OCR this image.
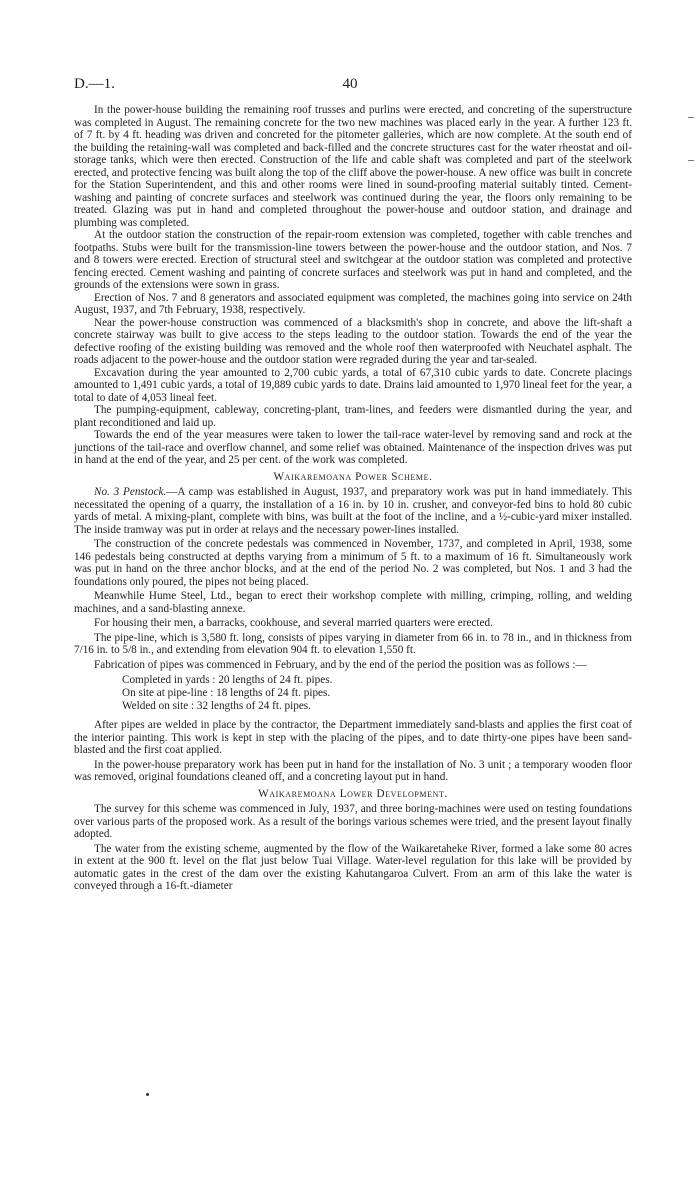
D.—1.	40

In the power-house building the remaining roof trusses and purlins were erected, and concreting of the superstructure was completed in August. The remaining concrete for the two new machines was placed early in the year. A further 123 ft. of 7 ft. by 4 ft. heading was driven and concreted for the pitometer galleries, which are now complete. At the south end of the building the retaining-wall was completed and back-filled and the concrete structures cast for the water rheostat and oil-storage tanks, which were then erected. Construction of the life and cable shaft was completed and part of the steelwork erected, and protective fencing was built along the top of the cliff above the power-house. A new office was built in concrete for the Station Superintendent, and this and other rooms were lined in sound-proofing material suitably tinted. Cement-washing and painting of concrete surfaces and steelwork was continued during the year, the floors only remaining to be treated. Glazing was put in hand and completed throughout the power-house and outdoor station, and drainage and plumbing was completed.

At the outdoor station the construction of the repair-room extension was completed, together with cable trenches and footpaths. Stubs were built for the transmission-line towers between the power-house and the outdoor station, and Nos. 7 and 8 towers were erected. Erection of structural steel and switchgear at the outdoor station was completed and protective fencing erected. Cement washing and painting of concrete surfaces and steelwork was put in hand and completed, and the grounds of the extensions were sown in grass.

Erection of Nos. 7 and 8 generators and associated equipment was completed, the machines going into service on 24th August, 1937, and 7th February, 1938, respectively.

Near the power-house construction was commenced of a blacksmith's shop in concrete, and above the lift-shaft a concrete stairway was built to give access to the steps leading to the outdoor station. Towards the end of the year the defective roofing of the existing building was removed and the whole roof then waterproofed with Neuchatel asphalt. The roads adjacent to the power-house and the outdoor station were regraded during the year and tar-sealed.

Excavation during the year amounted to 2,700 cubic yards, a total of 67,310 cubic yards to date. Concrete placings amounted to 1,491 cubic yards, a total of 19,889 cubic yards to date. Drains laid amounted to 1,970 lineal feet for the year, a total to date of 4,053 lineal feet.

The pumping-equipment, cableway, concreting-plant, tram-lines, and feeders were dismantled during the year, and plant reconditioned and laid up.

Towards the end of the year measures were taken to lower the tail-race water-level by removing sand and rock at the junctions of the tail-race and overflow channel, and some relief was obtained. Maintenance of the inspection drives was put in hand at the end of the year, and 25 per cent. of the work was completed.

Waikaremoana Power Scheme.

No. 3 Penstock.—A camp was established in August, 1937, and preparatory work was put in hand immediately. This necessitated the opening of a quarry, the installation of a 16 in. by 10 in. crusher, and conveyor-fed bins to hold 80 cubic yards of metal. A mixing-plant, complete with bins, was built at the foot of the incline, and a ½-cubic-yard mixer installed. The inside tramway was put in order at relays and the necessary power-lines installed.

The construction of the concrete pedestals was commenced in November, 1737, and completed in April, 1938, some 146 pedestals being constructed at depths varying from a minimum of 5 ft. to a maximum of 16 ft. Simultaneously work was put in hand on the three anchor blocks, and at the end of the period No. 2 was completed, but Nos. 1 and 3 had the foundations only poured, the pipes not being placed.

Meanwhile Hume Steel, Ltd., began to erect their workshop complete with milling, crimping, rolling, and welding machines, and a sand-blasting annexe.

For housing their men, a barracks, cookhouse, and several married quarters were erected.

The pipe-line, which is 3,580 ft. long, consists of pipes varying in diameter from 66 in. to 78 in., and in thickness from 7/16 in. to 5/8 in., and extending from elevation 904 ft. to elevation 1,550 ft.

Fabrication of pipes was commenced in February, and by the end of the period the position was as follows :—

Completed in yards : 20 lengths of 24 ft. pipes.
On site at pipe-line : 18 lengths of 24 ft. pipes.
Welded on site : 32 lengths of 24 ft. pipes.

After pipes are welded in place by the contractor, the Department immediately sand-blasts and applies the first coat of the interior painting. This work is kept in step with the placing of the pipes, and to date thirty-one pipes have been sand-blasted and the first coat applied.

In the power-house preparatory work has been put in hand for the installation of No. 3 unit ; a temporary wooden floor was removed, original foundations cleaned off, and a concreting layout put in hand.

Waikaremoana Lower Development.

The survey for this scheme was commenced in July, 1937, and three boring-machines were used on testing foundations over various parts of the proposed work. As a result of the borings various schemes were tried, and the present layout finally adopted.

The water from the existing scheme, augmented by the flow of the Waikaretaheke River, formed a lake some 80 acres in extent at the 900 ft. level on the flat just below Tuai Village. Water-level regulation for this lake will be provided by automatic gates in the crest of the dam over the existing Kahutangaroa Culvert. From an arm of this lake the water is conveyed through a 16-ft.-diameter
